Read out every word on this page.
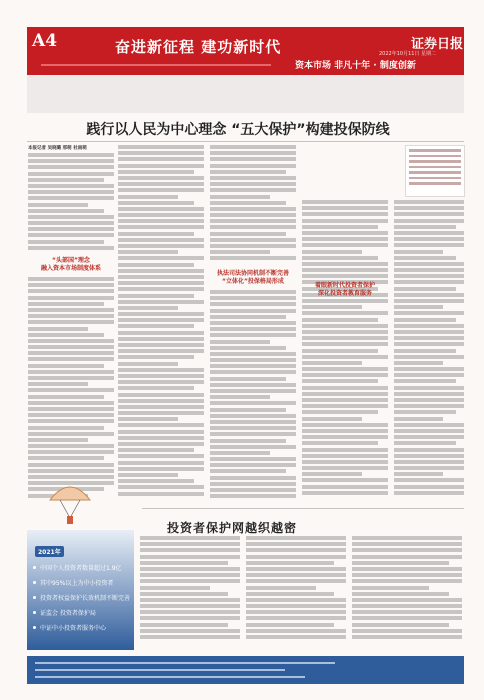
A4	奋进新征程 建功新时代	证券日报
2022年10月11日 星期二
资本市场 非凡十年 · 制度创新
践行以人民为中心理念 “五大保护”构建投保防线
本报记者 吴晓璐 邢萌 杜雨萌
“头部国”理念
融入资本市场制度体系
执法司法协同机制不断完善
“立体化”投保格局形成
着眼新时代投资者保护
深化投资者教育服务
投资者保护网越织越密
2021年
中国个人投资者数量超过1.9亿
其中95%以上为中小投资者
投资者权益保护长效机制不断完善
证监会 投资者保护局
中证中小投资者服务中心
